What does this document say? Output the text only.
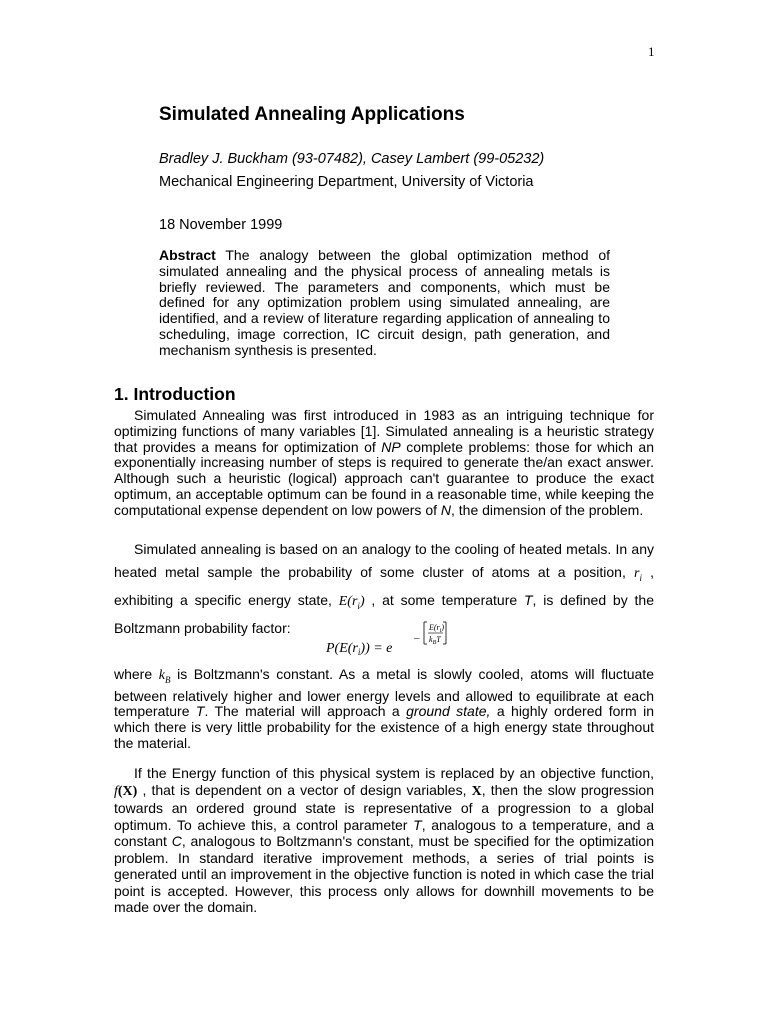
1
Simulated Annealing Applications
Bradley J. Buckham (93-07482), Casey Lambert (99-05232)
Mechanical Engineering Department, University of Victoria
18 November 1999

Abstract The analogy between the global optimization method of simulated annealing and the physical process of annealing metals is briefly reviewed. The parameters and components, which must be defined for any optimization problem using simulated annealing, are identified, and a review of literature regarding application of annealing to scheduling, image correction, IC circuit design, path generation, and mechanism synthesis is presented.

1. Introduction

Simulated Annealing was first introduced in 1983 as an intriguing technique for optimizing functions of many variables [1]. Simulated annealing is a heuristic strategy that provides a means for optimization of NP complete problems: those for which an exponentially increasing number of steps is required to generate the/an exact answer. Although such a heuristic (logical) approach can't guarantee to produce the exact optimum, an acceptable optimum can be found in a reasonable time, while keeping the computational expense dependent on low powers of N, the dimension of the problem.

Simulated annealing is based on an analogy to the cooling of heated metals. In any heated metal sample the probability of some cluster of atoms at a position, $r_i$ , exhibiting a specific energy state, $E(r_i)$ , at some temperature T, is defined by the Boltzmann probability factor:

$P(E(r_i)) = e$
–
$E(r_i)$
$k_BT$

where $k_B$ is Boltzmann's constant. As a metal is slowly cooled, atoms will fluctuate between relatively higher and lower energy levels and allowed to equilibrate at each temperature T. The material will approach a ground state, a highly ordered form in which there is very little probability for the existence of a high energy state throughout the material.

If the Energy function of this physical system is replaced by an objective function, f(X) , that is dependent on a vector of design variables, X, then the slow progression towards an ordered ground state is representative of a progression to a global optimum. To achieve this, a control parameter T, analogous to a temperature, and a constant C, analogous to Boltzmann's constant, must be specified for the optimization problem. In standard iterative improvement methods, a series of trial points is generated until an improvement in the objective function is noted in which case the trial point is accepted. However, this process only allows for downhill movements to be made over the domain.
